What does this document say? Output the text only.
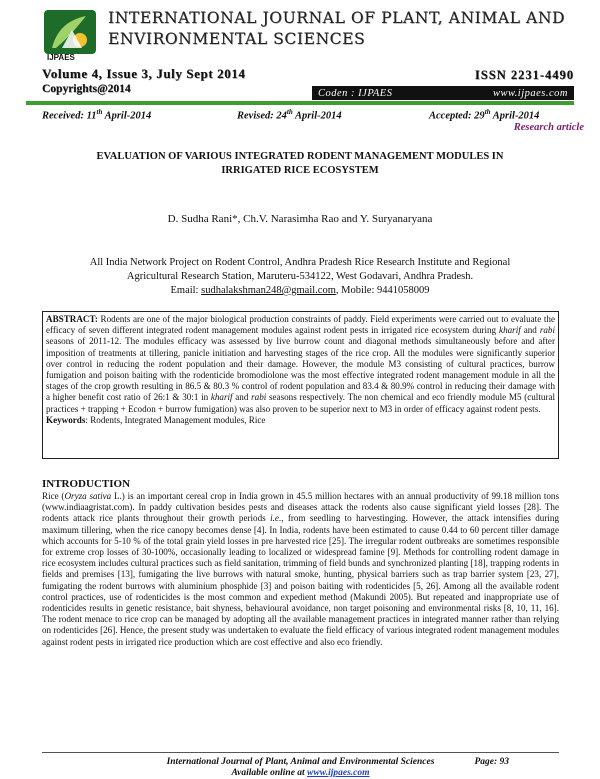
IJPAES
INTERNATIONAL JOURNAL OF PLANT, ANIMAL AND
ENVIRONMENTAL SCIENCES
Volume 4, Issue 3, July Sept 2014
Copyrights@2014
ISSN 2231-4490
Coden : IJPAES	www.ijpaes.com
Received: 11th April-2014	Revised: 24th April-2014	Accepted: 29th April-2014
Research article
EVALUATION OF VARIOUS INTEGRATED RODENT MANAGEMENT MODULES IN
IRRIGATED RICE ECOSYSTEM
D. Sudha Rani*, Ch.V. Narasimha Rao and Y. Suryanaryana
All India Network Project on Rodent Control, Andhra Pradesh Rice Research Institute and Regional
Agricultural Research Station, Maruteru-534122, West Godavari, Andhra Pradesh.
Email: sudhalakshman248@gmail.com, Mobile: 9441058009
ABSTRACT: Rodents are one of the major biological production constraints of paddy. Field experiments were carried out to evaluate the efficacy of seven different integrated rodent management modules against rodent pests in irrigated rice ecosystem during kharif and rabi seasons of 2011-12. The modules efficacy was assessed by live burrow count and diagonal methods simultaneously before and after imposition of treatments at tillering, panicle initiation and harvesting stages of the rice crop. All the modules were significantly superior over control in reducing the rodent population and their damage. However, the module M3 consisting of cultural practices, burrow fumigation and poison baiting with the rodenticide bromodiolone was the most effective integrated rodent management module in all the stages of the crop growth resulting in 86.5 & 80.3 % control of rodent population and 83.4 & 80.9% control in reducing their damage with a higher benefit cost ratio of 26:1 & 30:1 in kharif and rabi seasons respectively. The non chemical and eco friendly module M5 (cultural practices + trapping + Ecodon + burrow fumigation) was also proven to be superior next to M3 in order of efficacy against rodent pests.
Keywords: Rodents, Integrated Management modules, Rice
INTRODUCTION
Rice (Oryza sativa L.) is an important cereal crop in India grown in 45.5 million hectares with an annual productivity of 99.18 million tons (www.indiaagristat.com). In paddy cultivation besides pests and diseases attack the rodents also cause significant yield losses [28]. The rodents attack rice plants throughout their growth periods i.e., from seedling to harvestinging. However, the attack intensifies during maximum tillering, when the rice canopy becomes dense [4]. In India, rodents have been estimated to cause 0.44 to 60 percent tiller damage which accounts for 5-10 % of the total grain yield losses in pre harvested rice [25]. The irregular rodent outbreaks are sometimes responsible for extreme crop losses of 30-100%, occasionally leading to localized or widespread famine [9]. Methods for controlling rodent damage in rice ecosystem includes cultural practices such as field sanitation, trimming of field bunds and synchronized planting [18], trapping rodents in fields and premises [13], fumigating the live burrows with natural smoke, hunting, physical barriers such as trap barrier system [23, 27], fumigating the rodent burrows with aluminium phosphide [3] and poison baiting with rodenticides [5, 26]. Among all the available rodent control practices, use of rodenticides is the most common and expedient method (Makundi 2005). But repeated and inappropriate use of rodenticides results in genetic resistance, bait shyness, behavioural avoidance, non target poisoning and environmental risks [8, 10, 11, 16]. The rodent menace to rice crop can be managed by adopting all the available management practices in integrated manner rather than relying on rodenticides [26]. Hence, the present study was undertaken to evaluate the field efficacy of various integrated rodent management modules against rodent pests in irrigated rice production which are cost effective and also eco friendly.
International Journal of Plant, Animal and Environmental Sciences	Page: 93
Available online at www.ijpaes.com
